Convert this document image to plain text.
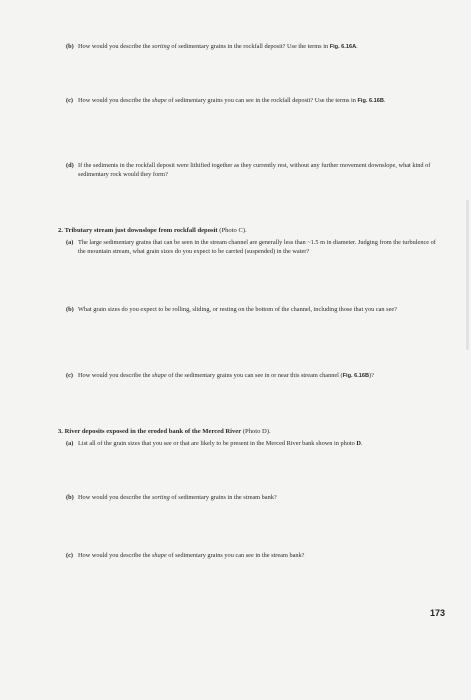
(b) How would you describe the sorting of sedimentary grains in the rockfall deposit? Use the terms in Fig. 6.16A.
(c) How would you describe the shape of sedimentary grains you can see in the rockfall deposit? Use the terms in Fig. 6.16B.
(d) If the sediments in the rockfall deposit were lithified together as they currently rest, without any further movement downslope, what kind of sedimentary rock would they form?
2. Tributary stream just downslope from rockfall deposit (Photo C).
(a) The large sedimentary grains that can be seen in the stream channel are generally less than ~1.5 m in diameter. Judging from the turbulence of the mountain stream, what grain sizes do you expect to be carried (suspended) in the water?
(b) What grain sizes do you expect to be rolling, sliding, or resting on the bottom of the channel, including those that you can see?
(c) How would you describe the shape of the sedimentary grains you can see in or near this stream channel (Fig. 6.16B)?
3. River deposits exposed in the eroded bank of the Merced River (Photo D).
(a) List all of the grain sizes that you see or that are likely to be present in the Merced River bank shown in photo D.
(b) How would you describe the sorting of sedimentary grains in the stream bank?
(c) How would you describe the shape of sedimentary grains you can see in the stream bank?
173
